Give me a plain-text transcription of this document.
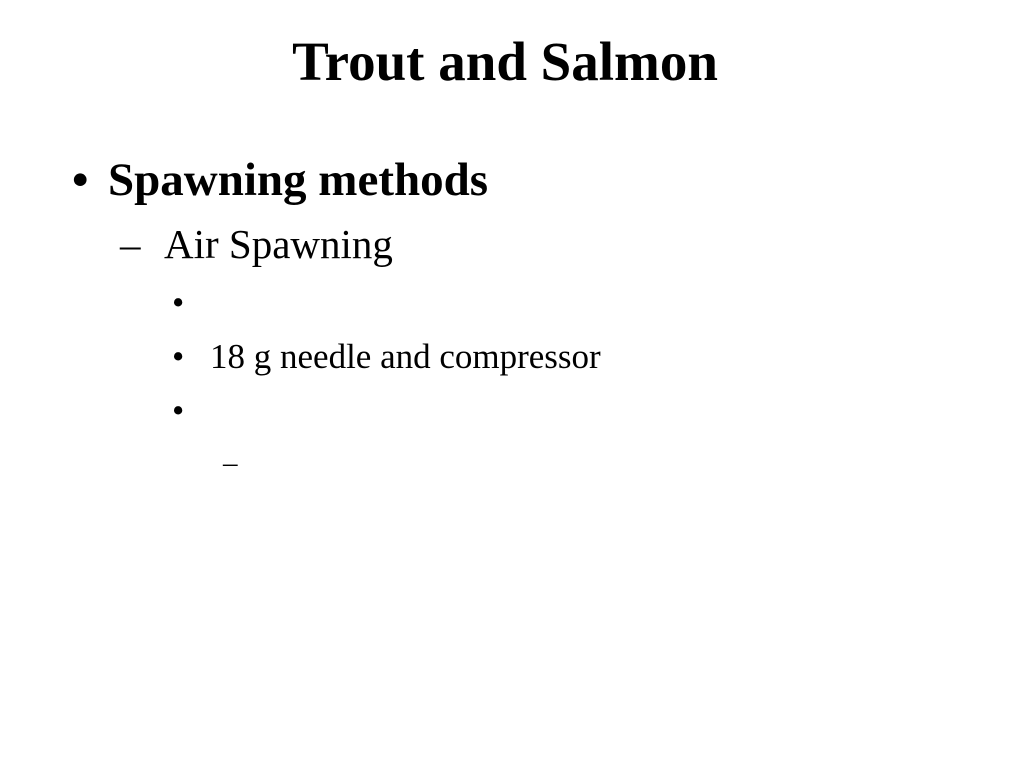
Trout and Salmon
• Spawning methods
– Air Spawning
•
• 18 g needle and compressor
•
–
